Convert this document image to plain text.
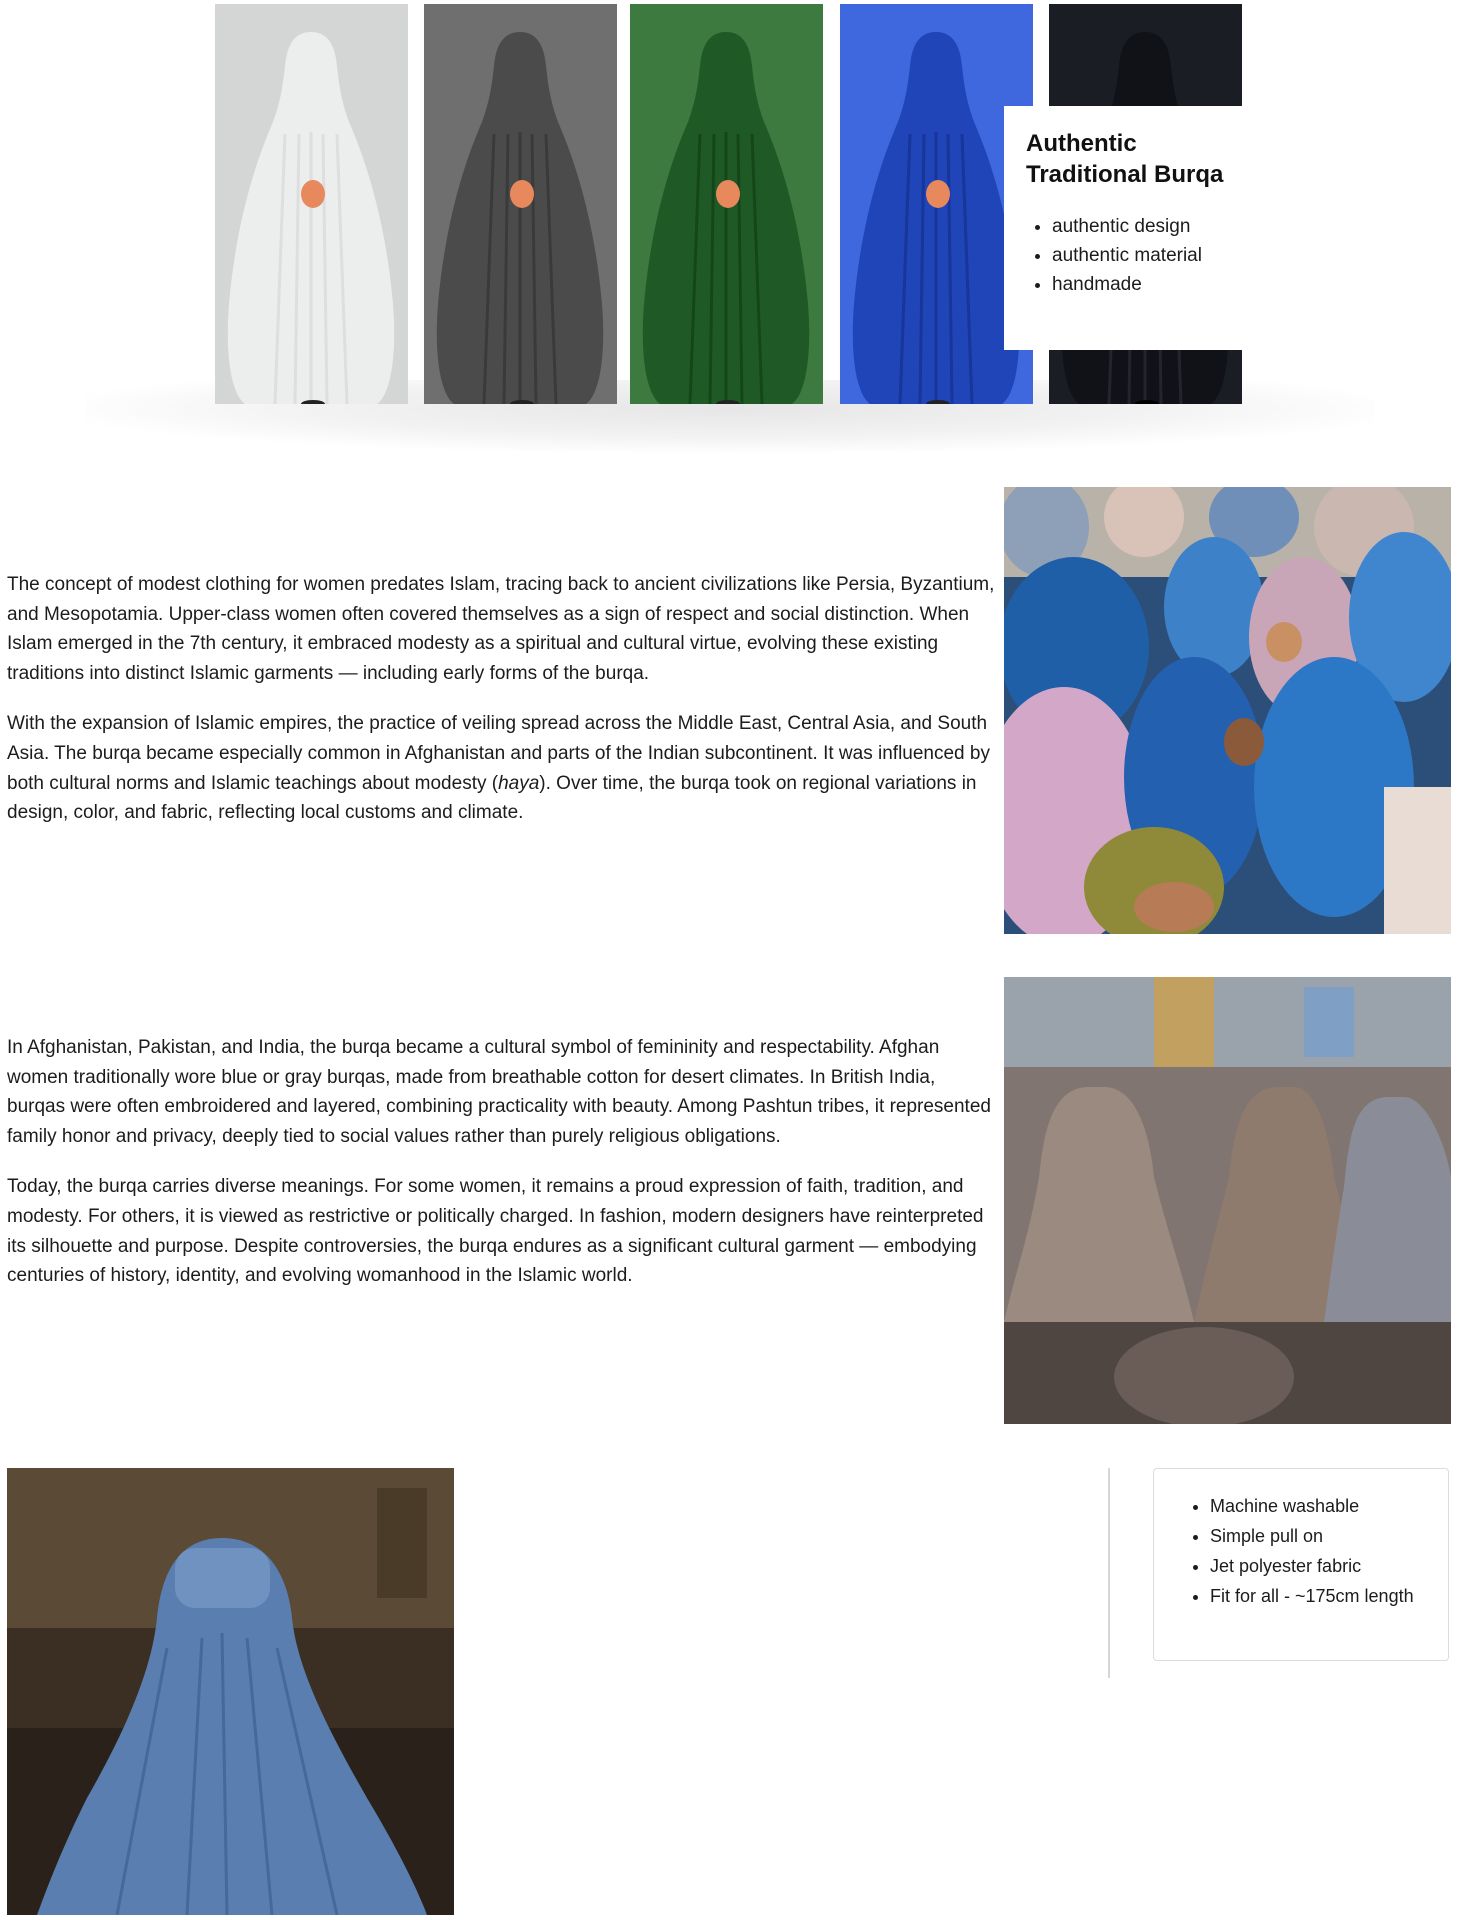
Authentic Traditional Burqa
• authentic design
• authentic material
• handmade

The concept of modest clothing for women predates Islam, tracing back to ancient civilizations like Persia, Byzantium, and Mesopotamia. Upper-class women often covered themselves as a sign of respect and social distinction. When Islam emerged in the 7th century, it embraced modesty as a spiritual and cultural virtue, evolving these existing traditions into distinct Islamic garments — including early forms of the burqa.

With the expansion of Islamic empires, the practice of veiling spread across the Middle East, Central Asia, and South Asia. The burqa became especially common in Afghanistan and parts of the Indian subcontinent. It was influenced by both cultural norms and Islamic teachings about modesty (haya). Over time, the burqa took on regional variations in design, color, and fabric, reflecting local customs and climate.

In Afghanistan, Pakistan, and India, the burqa became a cultural symbol of femininity and respectability. Afghan women traditionally wore blue or gray burqas, made from breathable cotton for desert climates. In British India, burqas were often embroidered and layered, combining practicality with beauty. Among Pashtun tribes, it represented family honor and privacy, deeply tied to social values rather than purely religious obligations.

Today, the burqa carries diverse meanings. For some women, it remains a proud expression of faith, tradition, and modesty. For others, it is viewed as restrictive or politically charged. In fashion, modern designers have reinterpreted its silhouette and purpose. Despite controversies, the burqa endures as a significant cultural garment — embodying centuries of history, identity, and evolving womanhood in the Islamic world.

• Machine washable
• Simple pull on
• Jet polyester fabric
• Fit for all - ~175cm length
